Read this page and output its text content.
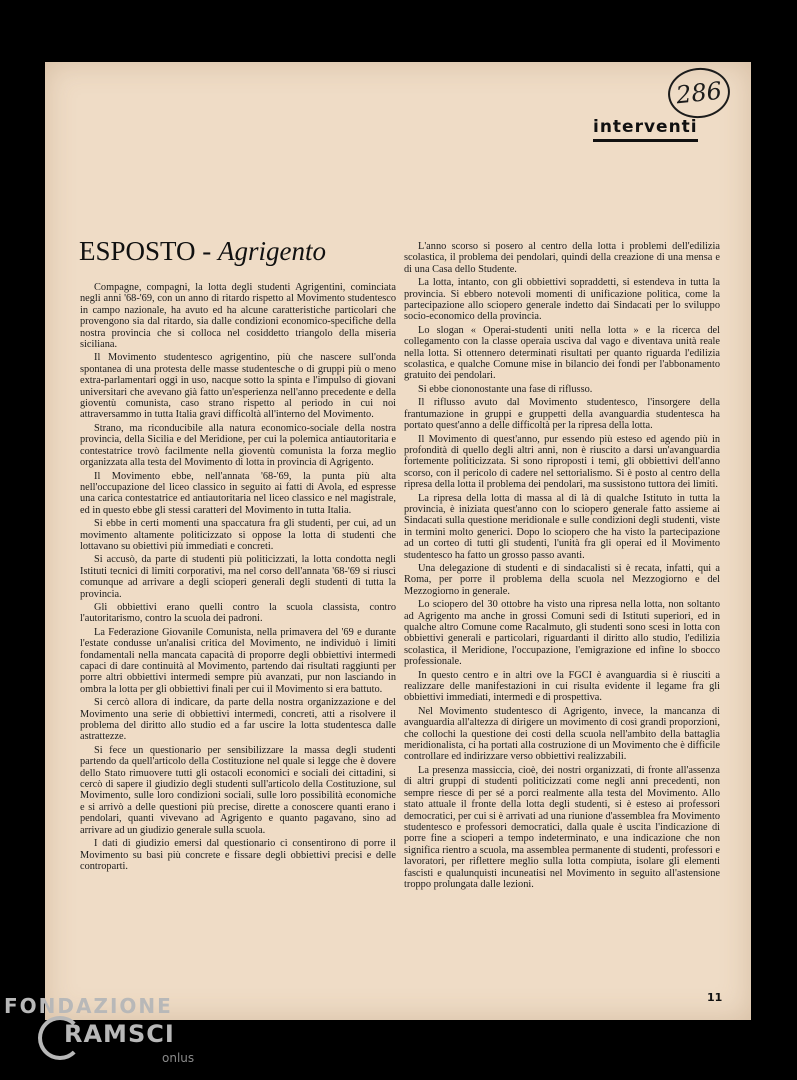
286
interventi
ESPOSTO - Agrigento

Compagne, compagni, la lotta degli studenti Agrigentini, cominciata negli anni '68-'69, con un anno di ritardo rispetto al Movimento studentesco in campo nazionale, ha avuto ed ha alcune caratteristiche particolari che provengono sia dal ritardo, sia dalle condizioni economico-specifiche della nostra provincia che si colloca nel cosiddetto triangolo della miseria siciliana.

Il Movimento studentesco agrigentino, più che nascere sull'onda spontanea di una protesta delle masse studentesche o di gruppi più o meno extra-parlamentari oggi in uso, nacque sotto la spinta e l'impulso di giovani universitari che avevano già fatto un'esperienza nell'anno precedente e della gioventù comunista, caso strano rispetto al periodo in cui noi attraversammo in tutta Italia gravi difficoltà all'interno del Movimento.

Strano, ma riconducibile alla natura economico-sociale della nostra provincia, della Sicilia e del Meridione, per cui la polemica antiautoritaria e contestatrice trovò facilmente nella gioventù comunista la forza meglio organizzata alla testa del Movimento di lotta in provincia di Agrigento.

Il Movimento ebbe, nell'annata '68-'69, la punta più alta nell'occupazione del liceo classico in seguito ai fatti di Avola, ed espresse una carica contestatrice ed antiautoritaria nel liceo classico e nel magistrale, ed in questo ebbe gli stessi caratteri del Movimento in tutta Italia.

Si ebbe in certi momenti una spaccatura fra gli studenti, per cui, ad un movimento altamente politicizzato si oppose la lotta di studenti che lottavano su obiettivi più immediati e concreti.

Si accusò, da parte di studenti più politicizzati, la lotta condotta negli Istituti tecnici di limiti corporativi, ma nel corso dell'annata '68-'69 si riuscì comunque ad arrivare a degli scioperi generali degli studenti di tutta la provincia.

Gli obbiettivi erano quelli contro la scuola classista, contro l'autoritarismo, contro la scuola dei padroni.

La Federazione Giovanile Comunista, nella primavera del '69 e durante l'estate condusse un'analisi critica del Movimento, ne individuò i limiti fondamentali nella mancata capacità di proporre degli obbiettivi intermedi capaci di dare continuità al Movimento, partendo dai risultati raggiunti per porre altri obbiettivi intermedi sempre più avanzati, pur non lasciando in ombra la lotta per gli obbiettivi finali per cui il Movimento si era battuto.

Si cercò allora di indicare, da parte della nostra organizzazione e del Movimento una serie di obbiettivi intermedi, concreti, atti a risolvere il problema del diritto allo studio ed a far uscire la lotta studentesca dalle astrattezze.

Si fece un questionario per sensibilizzare la massa degli studenti partendo da quell'articolo della Costituzione nel quale si legge che è dovere dello Stato rimuovere tutti gli ostacoli economici e sociali dei cittadini, si cercò di sapere il giudizio degli studenti sull'articolo della Costituzione, sul Movimento, sulle loro condizioni sociali, sulle loro possibilità economiche e si arrivò a delle questioni più precise, dirette a conoscere quanti erano i pendolari, quanti vivevano ad Agrigento e quanto pagavano, sino ad arrivare ad un giudizio generale sulla scuola.

I dati di giudizio emersi dal questionario ci consentirono di porre il Movimento su basi più concrete e fissare degli obbiettivi precisi e delle controparti.

L'anno scorso si posero al centro della lotta i problemi dell'edilizia scolastica, il problema dei pendolari, quindi della creazione di una mensa e di una Casa dello Studente.

La lotta, intanto, con gli obbiettivi sopraddetti, si estendeva in tutta la provincia. Si ebbero notevoli momenti di unificazione politica, come la partecipazione allo sciopero generale indetto dai Sindacati per lo sviluppo socio-economico della provincia.

Lo slogan « Operai-studenti uniti nella lotta » e la ricerca del collegamento con la classe operaia usciva dal vago e diventava unità reale nella lotta. Si ottennero determinati risultati per quanto riguarda l'edilizia scolastica, e qualche Comune mise in bilancio dei fondi per l'abbonamento gratuito dei pendolari.

Si ebbe ciononostante una fase di riflusso.

Il riflusso avuto dal Movimento studentesco, l'insorgere della frantumazione in gruppi e gruppetti della avanguardia studentesca ha portato quest'anno a delle difficoltà per la ripresa della lotta.

Il Movimento di quest'anno, pur essendo più esteso ed agendo più in profondità di quello degli altri anni, non è riuscito a darsi un'avanguardia fortemente politicizzata. Si sono riproposti i temi, gli obbiettivi dell'anno scorso, con il pericolo di cadere nel settorialismo. Si è posto al centro della ripresa della lotta il problema dei pendolari, ma sussistono tuttora dei limiti.

La ripresa della lotta di massa al di là di qualche Istituto in tutta la provincia, è iniziata quest'anno con lo sciopero generale fatto assieme ai Sindacati sulla questione meridionale e sulle condizioni degli studenti, viste in termini molto generici. Dopo lo sciopero che ha visto la partecipazione ad un corteo di tutti gli studenti, l'unità fra gli operai ed il Movimento studentesco ha fatto un grosso passo avanti.

Una delegazione di studenti e di sindacalisti si è recata, infatti, qui a Roma, per porre il problema della scuola nel Mezzogiorno e del Mezzogiorno in generale.

Lo sciopero del 30 ottobre ha visto una ripresa nella lotta, non soltanto ad Agrigento ma anche in grossi Comuni sedi di Istituti superiori, ed in qualche altro Comune come Racalmuto, gli studenti sono scesi in lotta con obbiettivi generali e particolari, riguardanti il diritto allo studio, l'edilizia scolastica, il Meridione, l'occupazione, l'emigrazione ed infine lo sbocco professionale.

In questo centro e in altri ove la FGCI è avanguardia si è riusciti a realizzare delle manifestazioni in cui risulta evidente il legame fra gli obbiettivi immediati, intermedi e di prospettiva.

Nel Movimento studentesco di Agrigento, invece, la mancanza di avanguardia all'altezza di dirigere un movimento di così grandi proporzioni, che collochi la questione dei costi della scuola nell'ambito della battaglia meridionalista, ci ha portati alla costruzione di un Movimento che è difficile controllare ed indirizzare verso obbiettivi realizzabili.

La presenza massiccia, cioè, dei nostri organizzati, di fronte all'assenza di altri gruppi di studenti politicizzati come negli anni precedenti, non sempre riesce di per sé a porci realmente alla testa del Movimento. Allo stato attuale il fronte della lotta degli studenti, si è esteso ai professori democratici, per cui si è arrivati ad una riunione d'assemblea fra Movimento studentesco e professori democratici, dalla quale è uscita l'indicazione di porre fine a scioperi a tempo indeterminato, e una indicazione che non significa rientro a scuola, ma assemblea permanente di studenti, professori e lavoratori, per riflettere meglio sulla lotta compiuta, isolare gli elementi fascisti e qualunquisti incuneatisi nel Movimento in seguito all'astensione troppo prolungata dalle lezioni.

11
FONDAZIONE
RAMSCI
onlus
